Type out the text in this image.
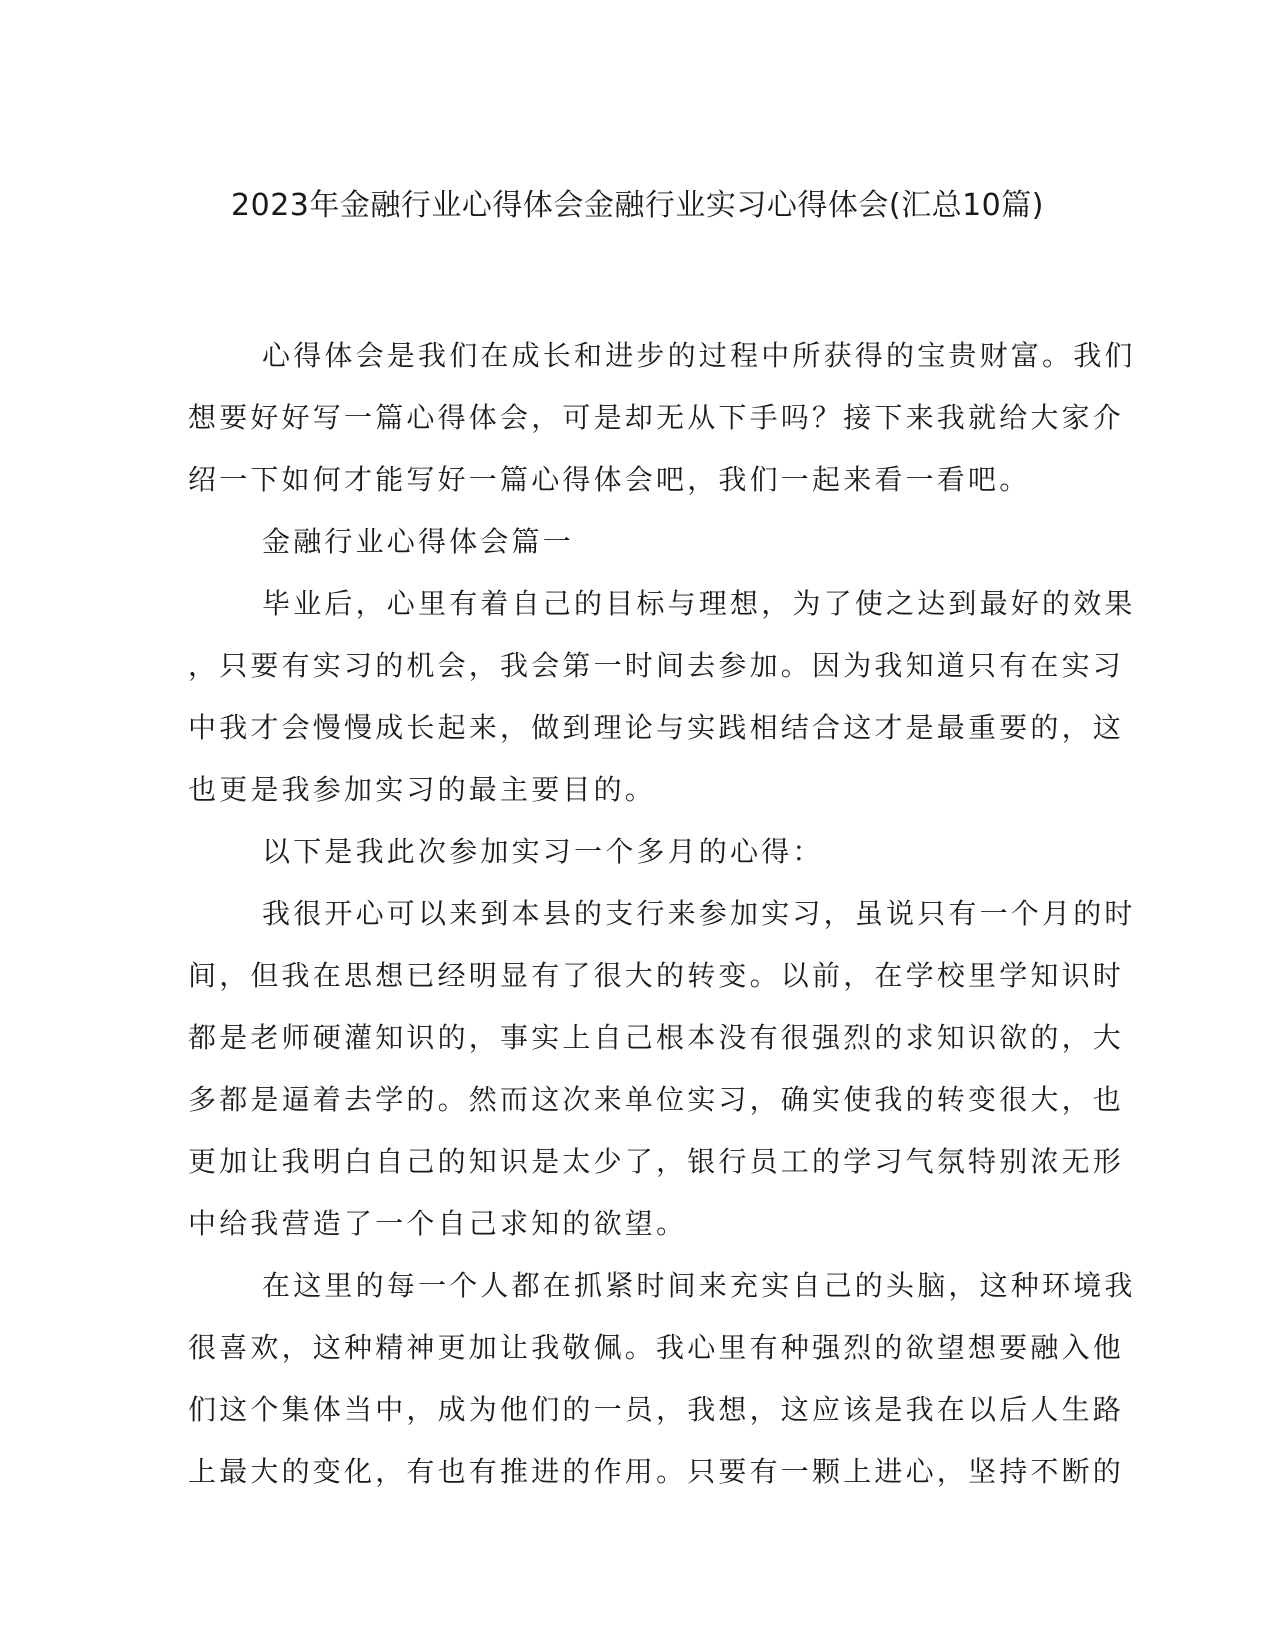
2023年金融行业心得体会金融行业实习心得体会(汇总10篇)
心得体会是我们在成长和进步的过程中所获得的宝贵财富。我们
想要好好写一篇心得体会，可是却无从下手吗？接下来我就给大家介
绍一下如何才能写好一篇心得体会吧，我们一起来看一看吧。
金融行业心得体会篇一
毕业后，心里有着自己的目标与理想，为了使之达到最好的效果
，只要有实习的机会，我会第一时间去参加。因为我知道只有在实习
中我才会慢慢成长起来，做到理论与实践相结合这才是最重要的，这
也更是我参加实习的最主要目的。
以下是我此次参加实习一个多月的心得：
我很开心可以来到本县的支行来参加实习，虽说只有一个月的时
间，但我在思想已经明显有了很大的转变。以前，在学校里学知识时
都是老师硬灌知识的，事实上自己根本没有很强烈的求知识欲的，大
多都是逼着去学的。然而这次来单位实习，确实使我的转变很大，也
更加让我明白自己的知识是太少了，银行员工的学习气氛特别浓无形
中给我营造了一个自己求知的欲望。
在这里的每一个人都在抓紧时间来充实自己的头脑，这种环境我
很喜欢，这种精神更加让我敬佩。我心里有种强烈的欲望想要融入他
们这个集体当中，成为他们的一员，我想，这应该是我在以后人生路
上最大的变化，有也有推进的作用。只要有一颗上进心，坚持不断的
